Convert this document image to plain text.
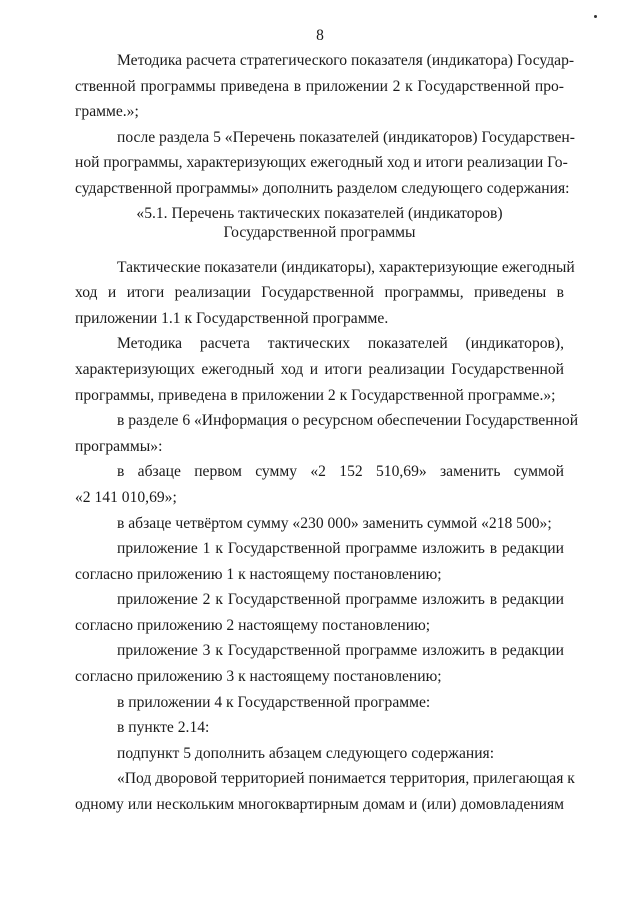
8
Методика расчета стратегического показателя (индикатора) Государ-
ственной программы приведена в приложении 2 к Государственной про-
грамме.»;
после раздела 5 «Перечень показателей (индикаторов) Государствен-
ной программы, характеризующих ежегодный ход и итоги реализации Го-
сударственной программы» дополнить разделом следующего содержания:
«5.1. Перечень тактических показателей (индикаторов)
Государственной программы
Тактические показатели (индикаторы), характеризующие ежегодный
ход и итоги реализации Государственной программы, приведены в
приложении 1.1 к Государственной программе.
Методика расчета тактических показателей (индикаторов),
характеризующих ежегодный ход и итоги реализации Государственной
программы, приведена в приложении 2 к Государственной программе.»;
в разделе 6 «Информация о ресурсном обеспечении Государственной
программы»:
в абзаце первом сумму «2 152 510,69» заменить суммой
«2 141 010,69»;
в абзаце четвёртом сумму «230 000» заменить суммой «218 500»;
приложение 1 к Государственной программе изложить в редакции
согласно приложению 1 к настоящему постановлению;
приложение 2 к Государственной программе изложить в редакции
согласно приложению 2 настоящему постановлению;
приложение 3 к Государственной программе изложить в редакции
согласно приложению 3 к настоящему постановлению;
в приложении 4 к Государственной программе:
в пункте 2.14:
подпункт 5 дополнить абзацем следующего содержания:
«Под дворовой территорией понимается территория, прилегающая к
одному или нескольким многоквартирным домам и (или) домовладениям
